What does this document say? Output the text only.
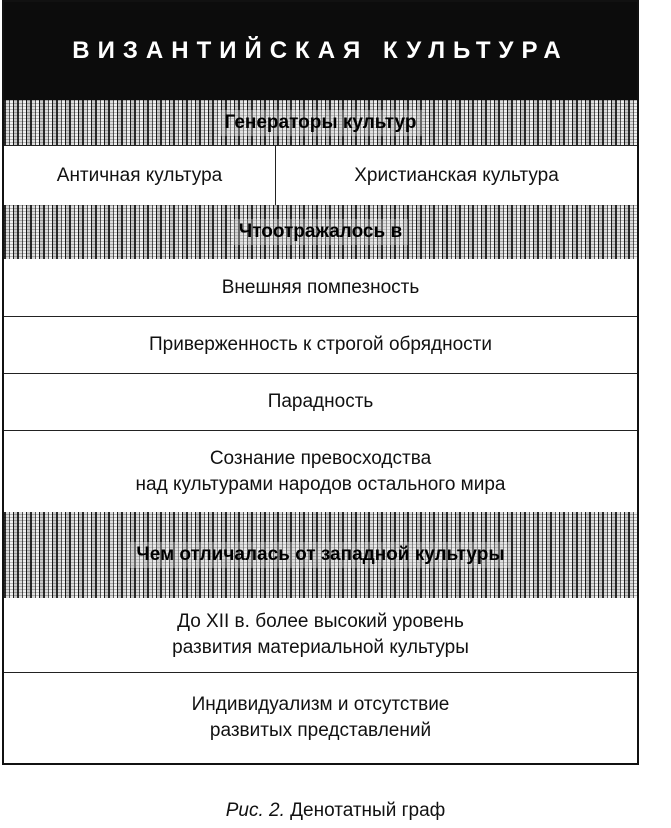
ВИЗАНТИЙСКАЯ КУЛЬТУРА
Генераторы культур
Античная культура	Христианская культура
Чтоотражалось в
Внешняя помпезность
Приверженность к строгой обрядности
Парадность
Сознание превосходства
над культурами народов остального мира
Чем отличалась от западной культуры
До XII в. более высокий уровень
развития материальной культуры
Индивидуализм и отсутствие
развитых представлений
Рис. 2. Денотатный граф
